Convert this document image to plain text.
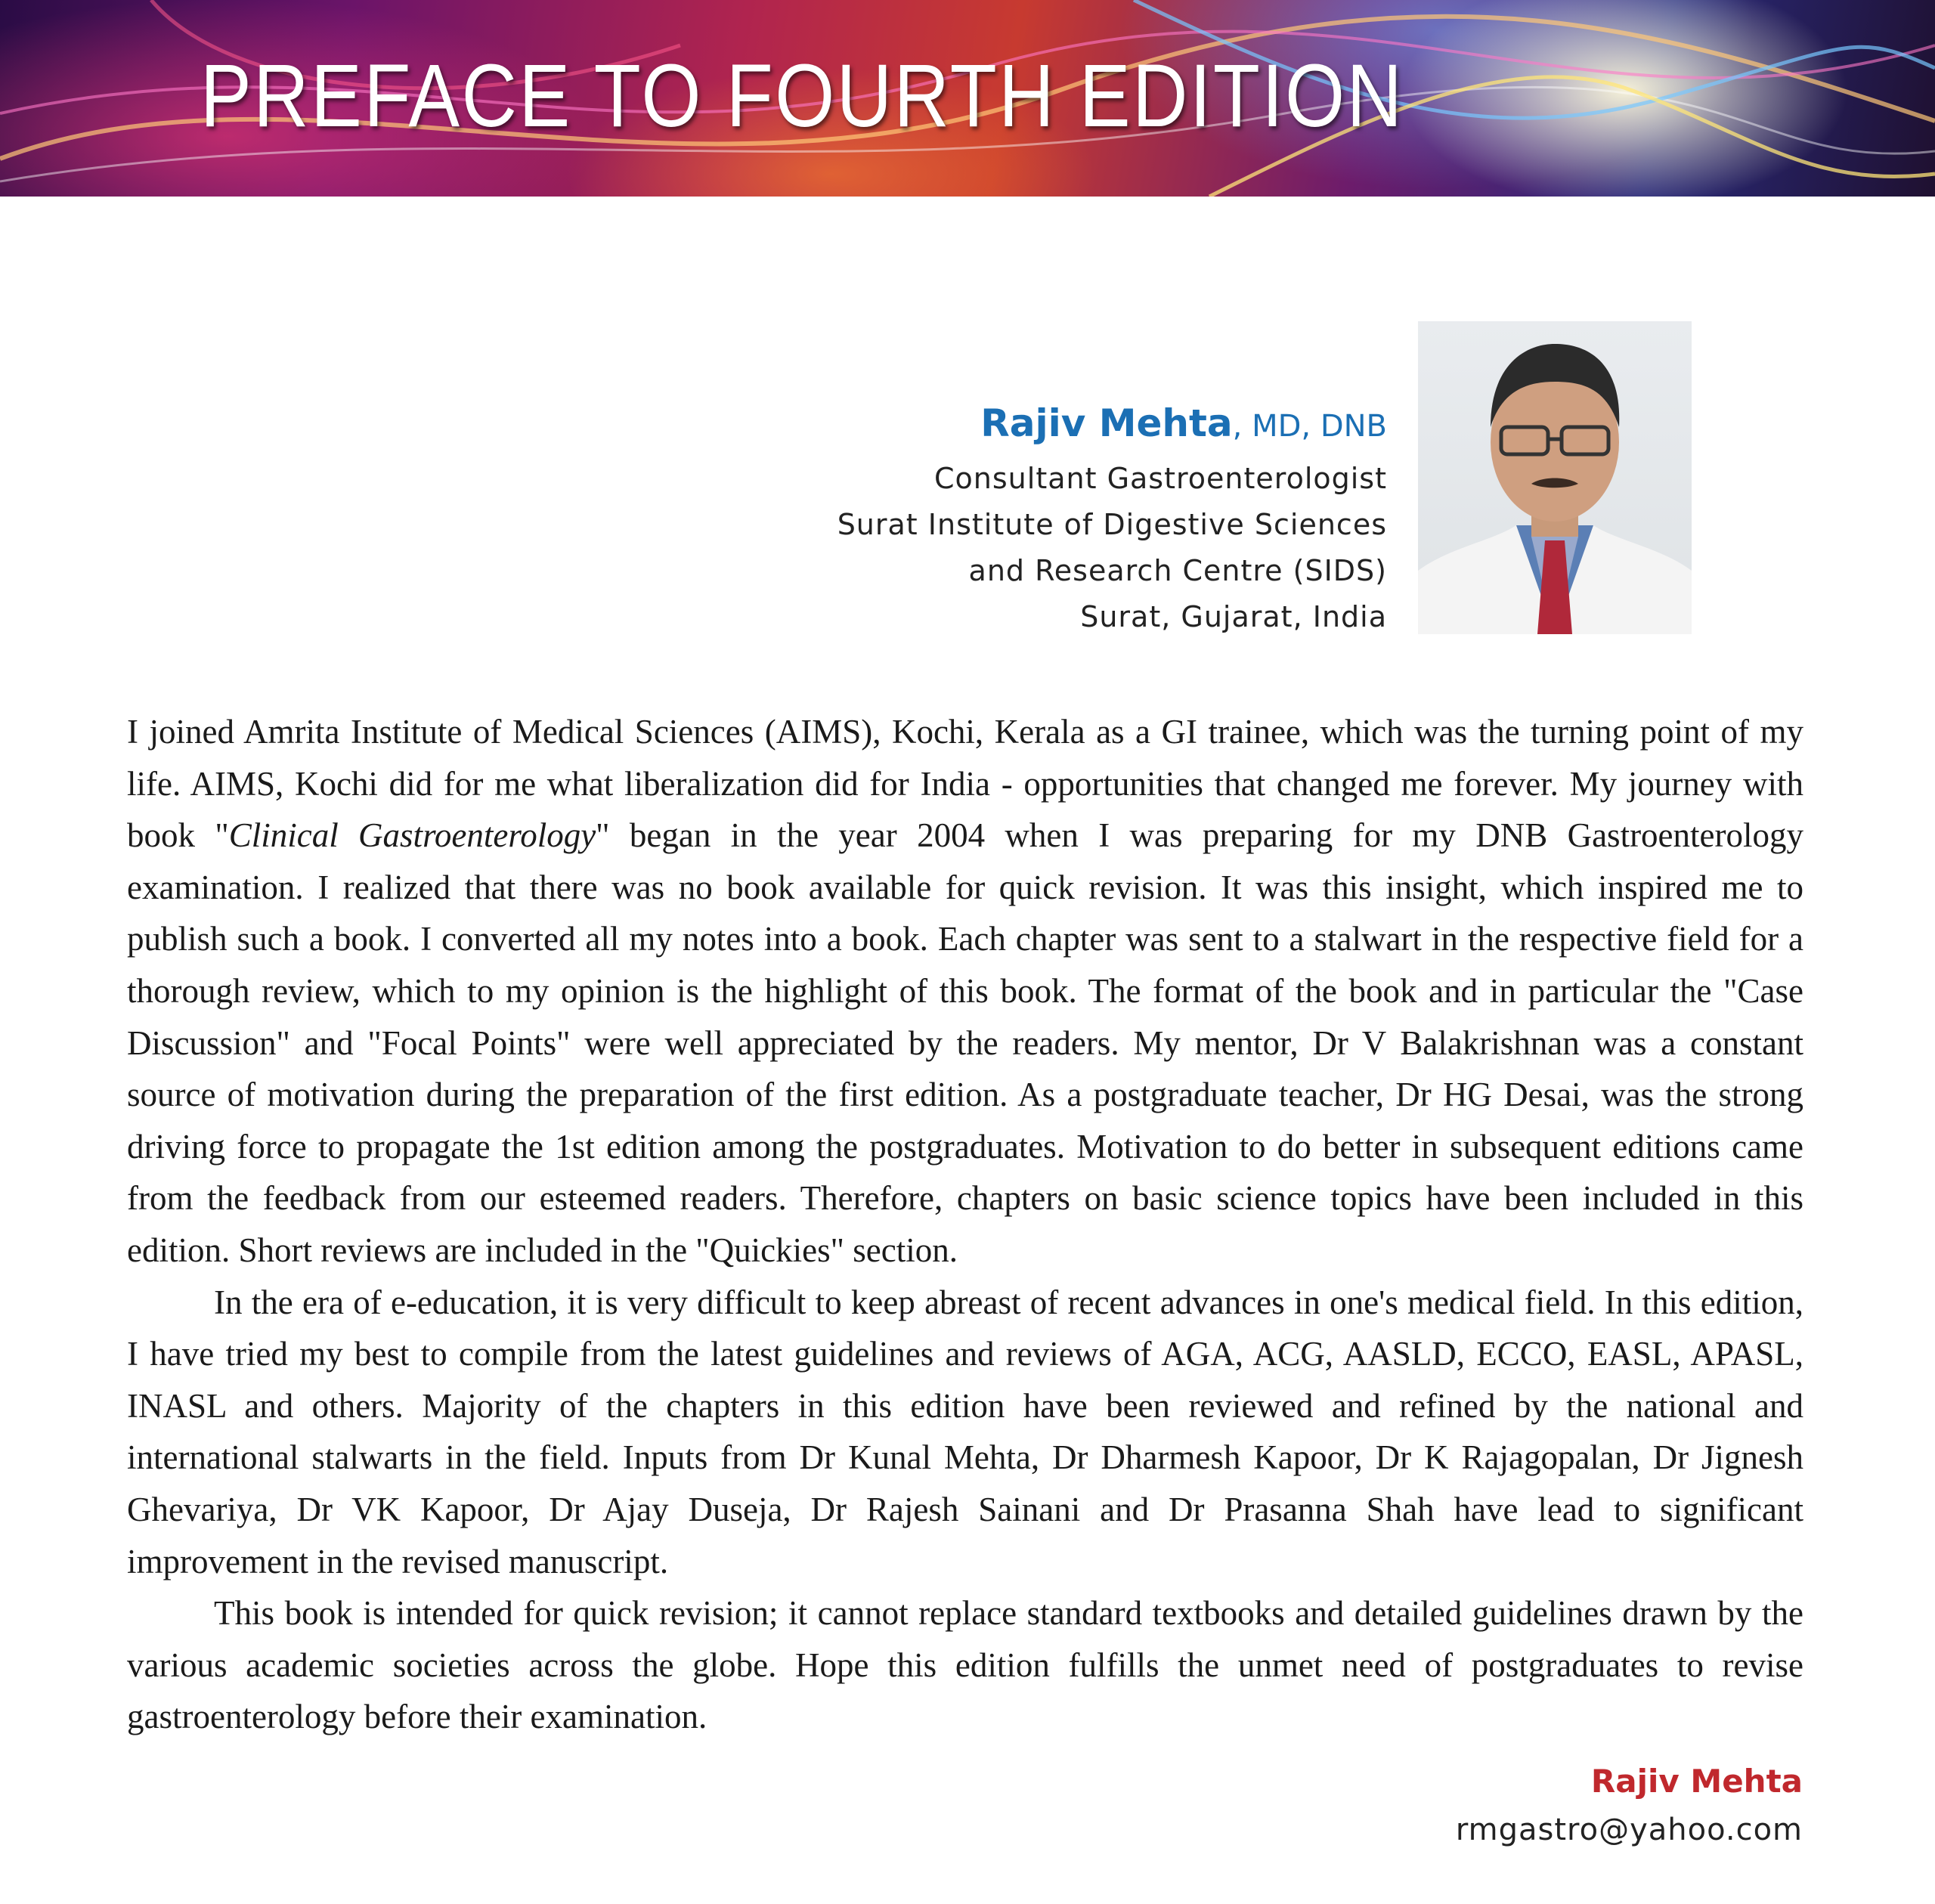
PREFACE TO FOURTH EDITION
Rajiv Mehta, MD, DNB
Consultant Gastroenterologist
Surat Institute of Digestive Sciences
and Research Centre (SIDS)
Surat, Gujarat, India

I joined Amrita Institute of Medical Sciences (AIMS), Kochi, Kerala as a GI trainee, which was the turning point of my life. AIMS, Kochi did for me what liberalization did for India - opportunities that changed me forever. My journey with book "Clinical Gastroenterology" began in the year 2004 when I was preparing for my DNB Gastroenterology examination. I realized that there was no book available for quick revision. It was this insight, which inspired me to publish such a book. I converted all my notes into a book. Each chapter was sent to a stalwart in the respective field for a thorough review, which to my opinion is the highlight of this book. The format of the book and in particular the "Case Discussion" and "Focal Points" were well appreciated by the readers. My mentor, Dr V Balakrishnan was a constant source of motivation during the preparation of the first edition. As a postgraduate teacher, Dr HG Desai, was the strong driving force to propagate the 1st edition among the postgraduates. Motivation to do better in subsequent editions came from the feedback from our esteemed readers. Therefore, chapters on basic science topics have been included in this edition. Short reviews are included in the "Quickies" section.

In the era of e-education, it is very difficult to keep abreast of recent advances in one's medical field. In this edition, I have tried my best to compile from the latest guidelines and reviews of AGA, ACG, AASLD, ECCO, EASL, APASL, INASL and others. Majority of the chapters in this edition have been reviewed and refined by the national and international stalwarts in the field. Inputs from Dr Kunal Mehta, Dr Dharmesh Kapoor, Dr K Rajagopalan, Dr Jignesh Ghevariya, Dr VK Kapoor, Dr Ajay Duseja, Dr Rajesh Sainani and Dr Prasanna Shah have lead to significant improvement in the revised manuscript.

This book is intended for quick revision; it cannot replace standard textbooks and detailed guidelines drawn by the various academic societies across the globe. Hope this edition fulfills the unmet need of postgraduates to revise gastroenterology before their examination.

Rajiv Mehta
rmgastro@yahoo.com
